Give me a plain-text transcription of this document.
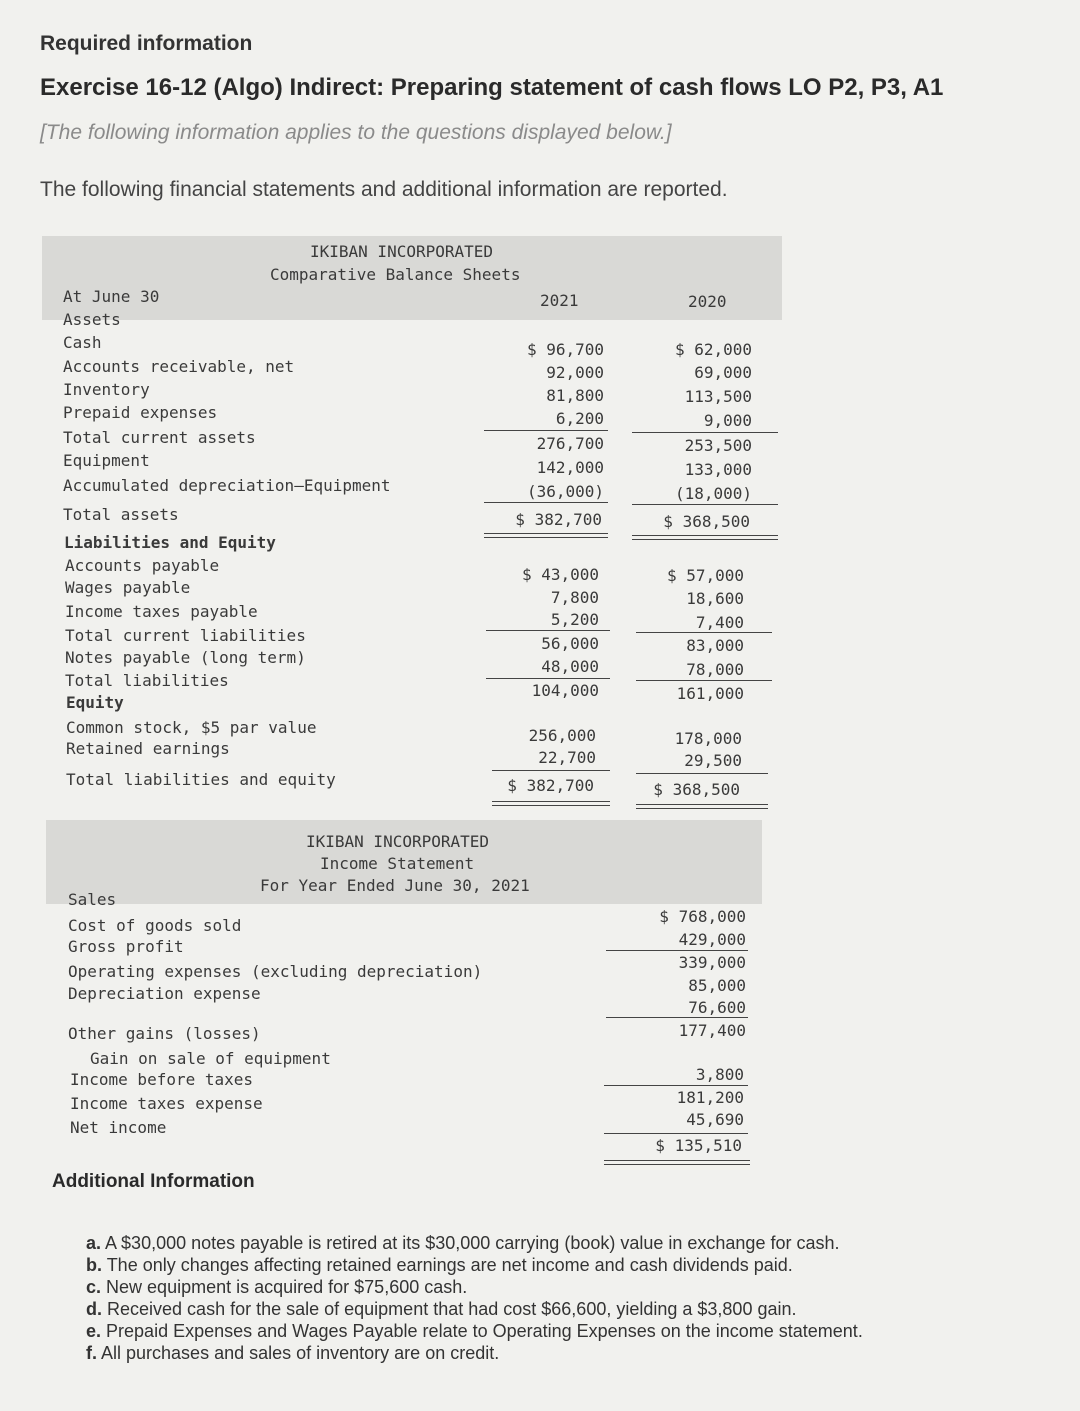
Required information
Exercise 16-12 (Algo) Indirect: Preparing statement of cash flows LO P2, P3, A1
[The following information applies to the questions displayed below.]
The following financial statements and additional information are reported.
IKIBAN INCORPORATED
Comparative Balance Sheets
At June 30	2021	2020
Assets
Cash
Accounts receivable, net
Inventory
Prepaid expenses
Total current assets
Equipment
Accumulated depreciation—Equipment
Total assets
$ 96,700
92,000
81,800
6,200
276,700
142,000
(36,000)
$ 382,700
$ 62,000
69,000
113,500
9,000
253,500
133,000
(18,000)
$ 368,500
Liabilities and Equity
Accounts payable
Wages payable
Income taxes payable
Total current liabilities
Notes payable (long term)
Total liabilities
Equity
Common stock, $5 par value
Retained earnings
Total liabilities and equity
$ 43,000
7,800
5,200
56,000
48,000
104,000
256,000
22,700
$ 382,700
$ 57,000
18,600
7,400
83,000
78,000
161,000
178,000
29,500
$ 368,500
IKIBAN INCORPORATED
Income Statement
For Year Ended June 30, 2021
Sales
Cost of goods sold
Gross profit
Operating expenses (excluding depreciation)
Depreciation expense
Other gains (losses)
Gain on sale of equipment
Income before taxes
Income taxes expense
Net income
$ 768,000
429,000
339,000
85,000
76,600
177,400
3,800
181,200
45,690
$ 135,510
Additional Information
a. A $30,000 notes payable is retired at its $30,000 carrying (book) value in exchange for cash.
b. The only changes affecting retained earnings are net income and cash dividends paid.
c. New equipment is acquired for $75,600 cash.
d. Received cash for the sale of equipment that had cost $66,600, yielding a $3,800 gain.
e. Prepaid Expenses and Wages Payable relate to Operating Expenses on the income statement.
f. All purchases and sales of inventory are on credit.
